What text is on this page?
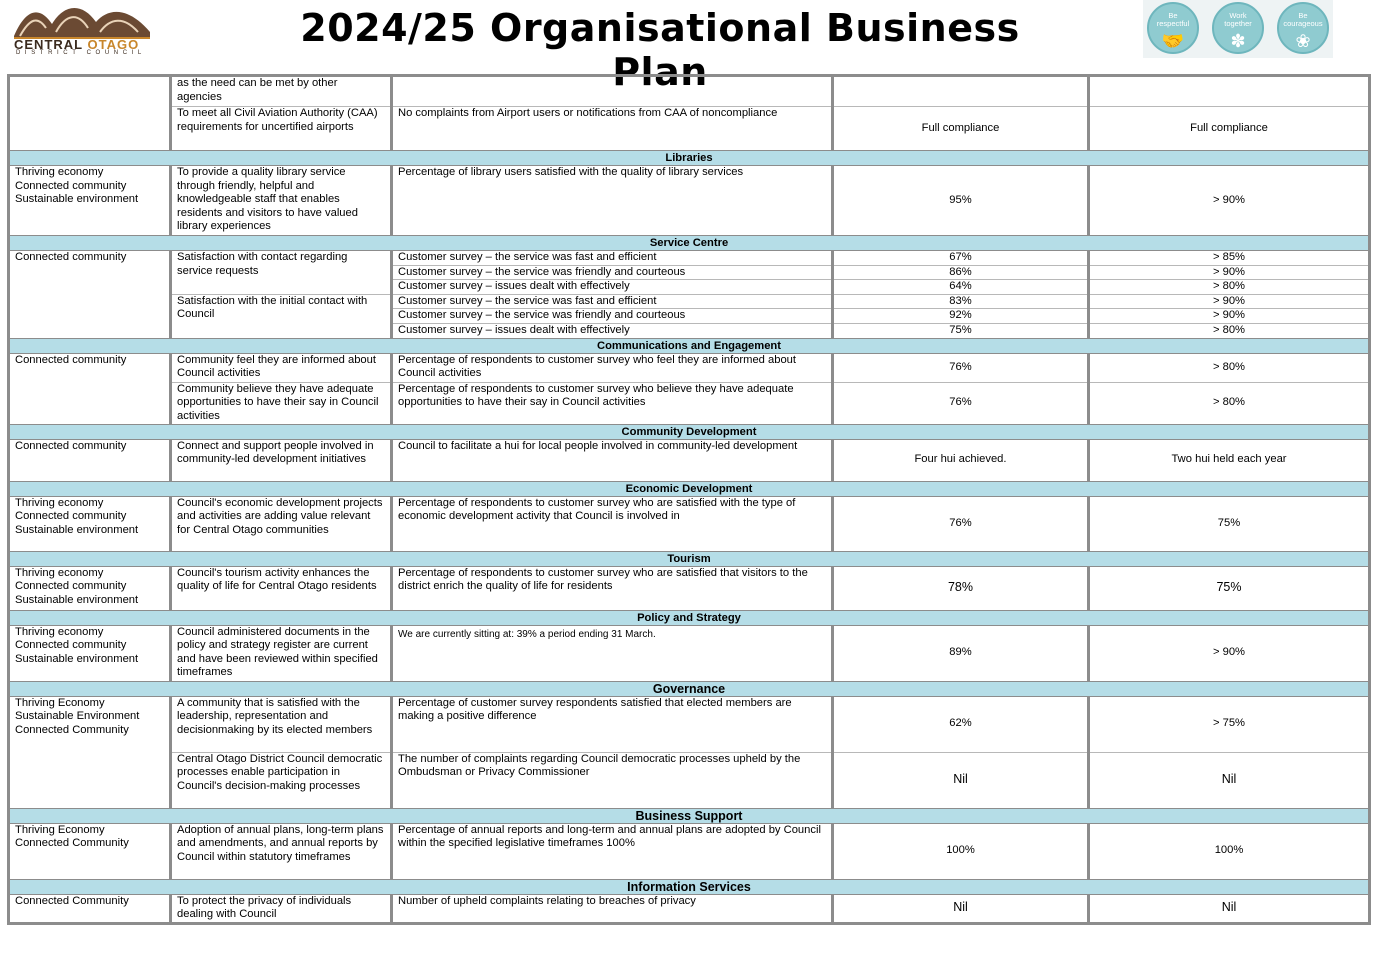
CENTRAL OTAGO
DISTRICT COUNCIL
2024/25 Organisational Business Plan
Be
respectful
🤝
Work
together
✽
Be
courageous
❀
	as the need can be met by other agencies			
	To meet all Civil Aviation Authority (CAA) requirements for uncertified airports	No complaints from Airport users or notifications from CAA of noncompliance	Full compliance	Full compliance
Libraries				
Thriving economy
Connected community
Sustainable environment	To provide a quality library service through friendly, helpful and knowledgeable staff that enables residents and visitors to have valued library experiences	Percentage of library users satisfied with the quality of library services	95%	> 90%
Service Centre				
Connected community	Satisfaction with contact regarding service requests	Customer survey – the service was fast and efficient	67%	> 85%
		Customer survey – the service was friendly and courteous	86%	> 90%
		Customer survey – issues dealt with effectively	64%	> 80%
	Satisfaction with the initial contact with Council	Customer survey – the service was fast and efficient	83%	> 90%
		Customer survey – the service was friendly and courteous	92%	> 90%
		Customer survey – issues dealt with effectively	75%	> 80%
Communications and Engagement				
Connected community	Community feel they are informed about Council activities	Percentage of respondents to customer survey who feel they are informed about Council activities	76%	> 80%
	Community believe they have adequate opportunities to have their say in Council activities	Percentage of respondents to customer survey who believe they have adequate opportunities to have their say in Council activities	76%	> 80%
Community Development				
Connected community	Connect and support people involved in community-led development initiatives	Council to facilitate a hui for local people involved in community-led development	Four hui achieved.	Two hui held each year
Economic Development				
Thriving economy
Connected community
Sustainable environment	Council's economic development projects and activities are adding value relevant for Central Otago communities	Percentage of respondents to customer survey who are satisfied with the type of economic development activity that Council is involved in	76%	75%
Tourism				
Thriving economy
Connected community
Sustainable environment	Council's tourism activity enhances the quality of life for Central Otago residents	Percentage of respondents to customer survey who are satisfied that visitors to the district enrich the quality of life for residents	78%	75%
Policy and Strategy				
Thriving economy
Connected community
Sustainable environment	Council administered documents in the policy and strategy register are current and have been reviewed within specified timeframes	We are currently sitting at: 39% a period ending 31 March.	89%	> 90%
Governance				
Thriving Economy
Sustainable Environment
Connected Community	A community that is satisfied with the leadership, representation and decisionmaking by its elected members	Percentage of customer survey respondents satisfied that elected members are making a positive difference	62%	> 75%
	Central Otago District Council democratic processes enable participation in Council's decision-making processes	The number of complaints regarding Council democratic processes upheld by the Ombudsman or Privacy Commissioner	Nil	Nil
Business Support				
Thriving Economy
Connected Community	Adoption of annual plans, long-term plans and amendments, and annual reports by Council within statutory timeframes	Percentage of annual reports and long-term and annual plans are adopted by Council within the specified legislative timeframes 100%	100%	100%
Information Services				
Connected Community	To protect the privacy of individuals dealing with Council	Number of upheld complaints relating to breaches of privacy	Nil	Nil
